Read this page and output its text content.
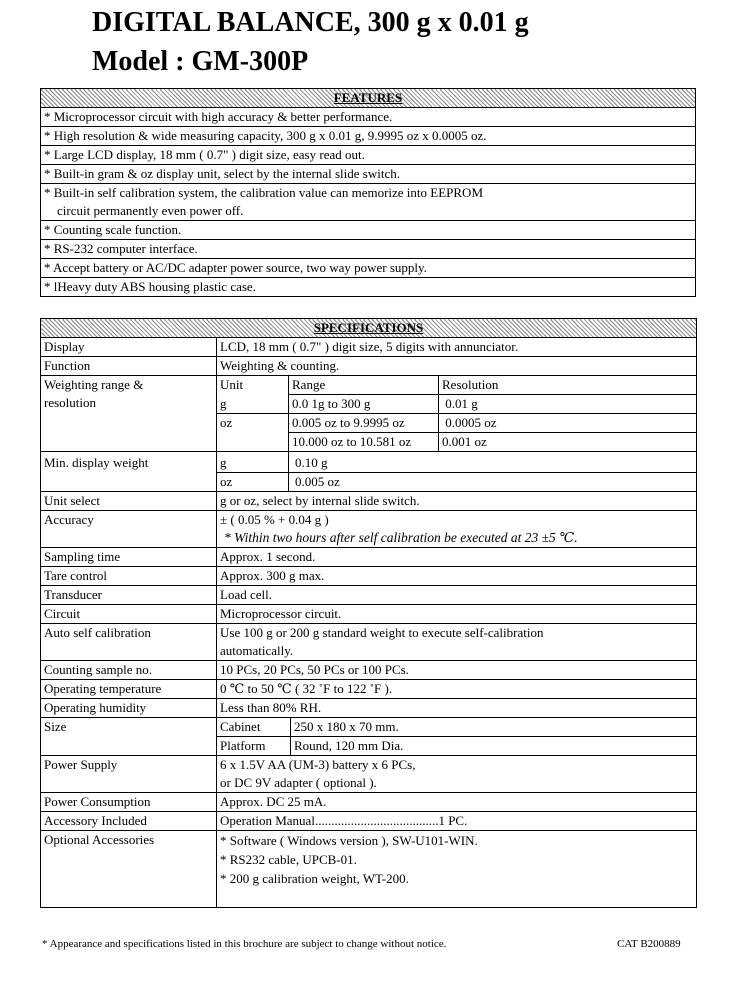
DIGITAL BALANCE, 300 g x 0.01 g
Model : GM-300P
FEATURES
* Microprocessor circuit with high accuracy & better performance.
* High resolution & wide measuring capacity, 300 g x 0.01 g, 9.9995 oz x 0.0005 oz.
* Large LCD display, 18 mm ( 0.7" ) digit size, easy read out.
* Built-in gram & oz display unit, select by the internal slide switch.
* Built-in self calibration system, the calibration value can memorize into EEPROM
circuit permanently even power off.
* Counting scale function.
* RS-232 computer interface.
* Accept battery or AC/DC adapter power source, two way power supply.
* lHeavy duty ABS housing plastic case.
SPECIFICATIONS				
Display	LCD, 18 mm ( 0.7" ) digit size, 5 digits with annunciator.			
Function	Weighting & counting.			

Weighting range &
resolution	Unit	Range		Resolution
	g	0.0 1g to 300 g		0.01 g
	oz	0.005 oz to 9.9995 oz		0.0005 oz
		10.000 oz to 10.581 oz		0.001 oz
Min. display weight	g	0.10 g		
	oz	0.005 oz		
Unit select	g or oz, select by internal slide switch.			
Accuracy	± ( 0.05 % + 0.04 g )
* Within two hours after self calibration be executed at 23 ±5 ℃.			

Sampling time	Approx. 1 second.			
Tare control	Approx. 300 g max.			
Transducer	Load cell.			
Circuit	Microprocessor circuit.			
Auto self calibration	Use 100 g or 200 g standard weight to execute self-calibration
automatically.			

Counting sample no.	10 PCs, 20 PCs, 50 PCs or 100 PCs.			
Operating temperature	0 ℃ to 50 ℃ ( 32 ˚F to 122 ˚F ).			
Operating humidity	Less than 80% RH.			
Size	Cabinet		250 x 180 x 70 mm.	
	Platform		Round, 120 mm Dia.	
Power Supply	6 x 1.5V AA (UM-3) battery x 6 PCs,
or DC 9V adapter ( optional ).			

Power Consumption	Approx. DC 25 mA.			
Accessory Included	Operation Manual......................................1 PC.			
Optional Accessories	* Software ( Windows version ), SW-U101-WIN.
* RS232 cable, UPCB-01.
* 200 g calibration weight, WT-200.			
* Appearance and specifications listed in this brochure are subject to change without notice.	CAT B200889
